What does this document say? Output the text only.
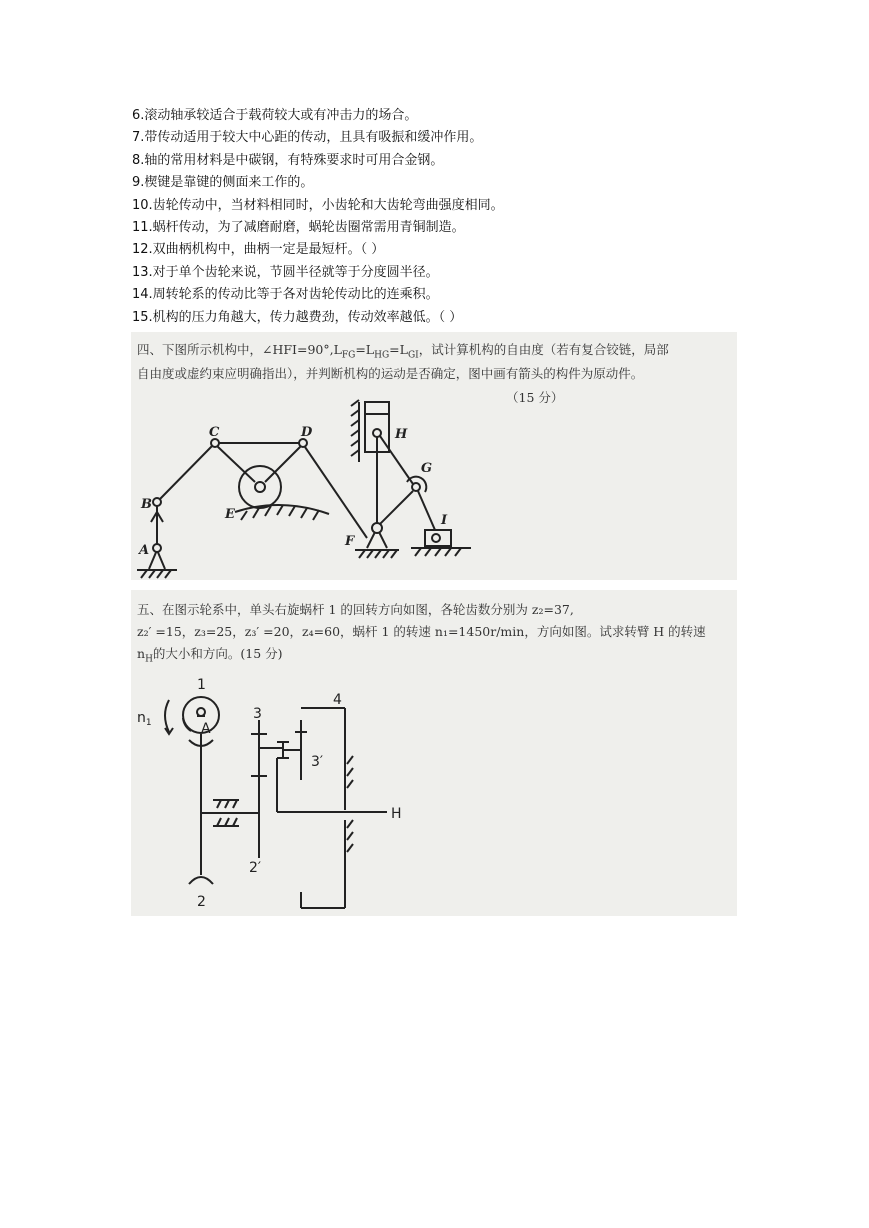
6.滚动轴承较适合于载荷较大或有冲击力的场合。
7.带传动适用于较大中心距的传动，且具有吸振和缓冲作用。
8.轴的常用材料是中碳钢，有特殊要求时可用合金钢。
9.楔键是靠键的侧面来工作的。
10.齿轮传动中，当材料相同时，小齿轮和大齿轮弯曲强度相同。
11.蜗杆传动，为了减磨耐磨，蜗轮齿圈常需用青铜制造。
12.双曲柄机构中，曲柄一定是最短杆。（ ）
13.对于单个齿轮来说，节圆半径就等于分度圆半径。
14.周转轮系的传动比等于各对齿轮传动比的连乘积。
15.机构的压力角越大，传力越费劲，传动效率越低。（ ）
四、下图所示机构中，$\angle HFI=90^\circ,L_{FG}=L_{HG}=L_{GI}$，试计算机构的自由度（若有复合铰链，局部
自由度或虚约束应明确指出），并判断机构的运动是否确定，图中画有箭头的构件为原动件。
（15 分）
A
B
C	D
E
F
G
H
I
五、在图示轮系中，单头右旋蜗杆 1 的回转方向如图，各轮齿数分别为 z₂=37,
z₂′ =15，z₃=25，z₃′ =20，z₄=60，蜗杆 1 的转速 n₁=1450r/min，方向如图。试求转臂 H 的转速
$n_H$的大小和方向。(15 分)
1
A
$n_1$
2
2′
3
3′
4
H
